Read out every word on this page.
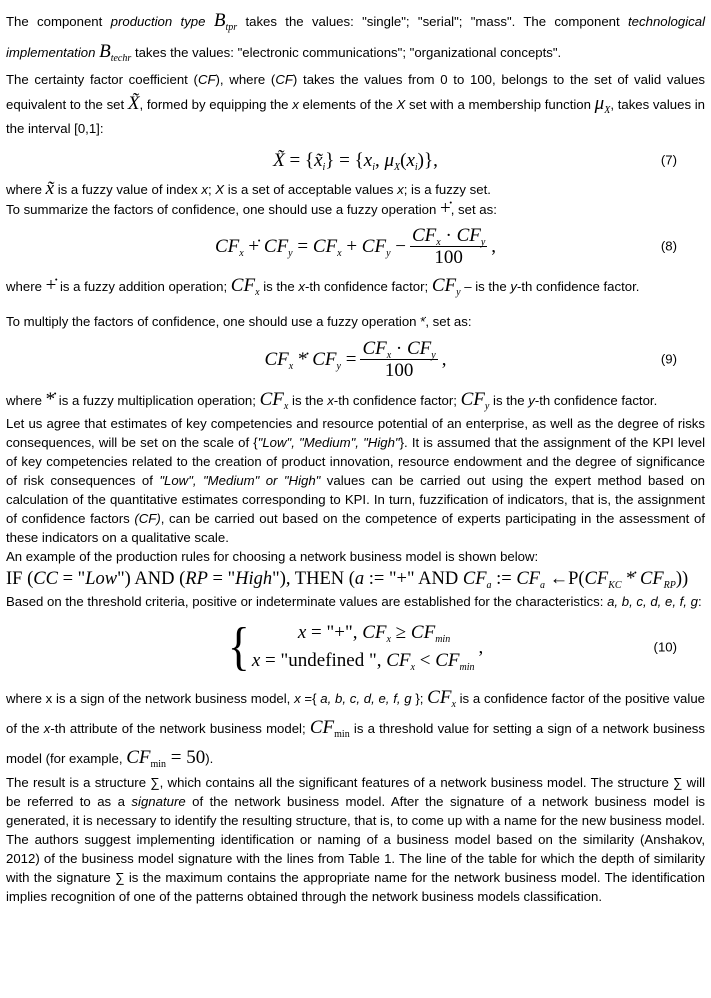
The component production type $B_{tpr}$ takes the values: "single"; "serial"; "mass". The component technological implementation $B_{techr}$ takes the values: "electronic communications"; "organizational concepts".

The certainty factor coefficient (CF), where (CF) takes the values from 0 to 100, belongs to the set of valid values equivalent to the set X̃, formed by equipping the x elements of the X set with a membership function $\mu_X$, takes values in the interval [0,1]:

X̃ = $\{x̃_i\} = \{x_i$, $\mu_X(x_i)$},	(7)

where x̃ is a fuzzy value of index x; X is a set of acceptable values x; is a fuzzy set.

To summarize the factors of confidence, one should use a fuzzy operation +̇, set as:

$CF_x$ +̇ $CF_y = CF_x + CF_y - \frac{CF_x \cdot CF_y}{100}$ ,	(8)

where +̇ is a fuzzy addition operation; $CF_x$ is the x-th confidence factor; $CF_y$ – is the y-th confidence factor.

To multiply the factors of confidence, one should use a fuzzy operation *̇, set as:

$CF_x$ *̇ $CF_y = \frac{CF_x \cdot CF_y}{100}$ ,	(9)

where *̇ is a fuzzy multiplication operation; $CF_x$ is the x-th confidence factor; $CF_y$ is the y-th confidence factor.

Let us agree that estimates of key competencies and resource potential of an enterprise, as well as the degree of risks consequences, will be set on the scale of {"Low", "Medium", "High"}. It is assumed that the assignment of the KPI level of key competencies related to the creation of product innovation, resource endowment and the degree of significance of risk consequences of "Low", "Medium" or "High" values can be carried out using the expert method based on calculation of the quantitative estimates corresponding to KPI. In turn, fuzzification of indicators, that is, the assignment of confidence factors (CF), can be carried out based on the competence of experts participating in the assessment of these indicators on a qualitative scale.

An example of the production rules for choosing a network business model is shown below:

IF (CC = "Low") AND (RP = "High"), THEN (a := "+" AND $CF_a$ := $CF_a$ $\leftarrow P(CF_{KC}$ *̇ $CF_{RP}$))

Based on the threshold criteria, positive or indeterminate values are established for the characteristics: a, b, c, d, e, f, g:

{	x = "+", $CF_x \ge CF_{min}$
x = "undefined ", $CF_x < CF_{min}$
,	(10)

where x is a sign of the network business model, x ={ a, b, c, d, e, f, g }; $CF_x$ is a confidence factor of the positive value of the x-th attribute of the network business model; $CF_{min}$ is a threshold value for setting a sign of a network business model (for example, $CF_{min} = 50$).

The result is a structure ∑, which contains all the significant features of a network business model. The structure ∑ will be referred to as a signature of the network business model. After the signature of a network business model is generated, it is necessary to identify the resulting structure, that is, to come up with a name for the new business model. The authors suggest implementing identification or naming of a business model based on the similarity (Anshakov, 2012) of the business model signature with the lines from Table 1. The line of the table for which the depth of similarity with the signature ∑ is the maximum contains the appropriate name for the network business model. The identification implies recognition of one of the patterns obtained through the network business models classification.
